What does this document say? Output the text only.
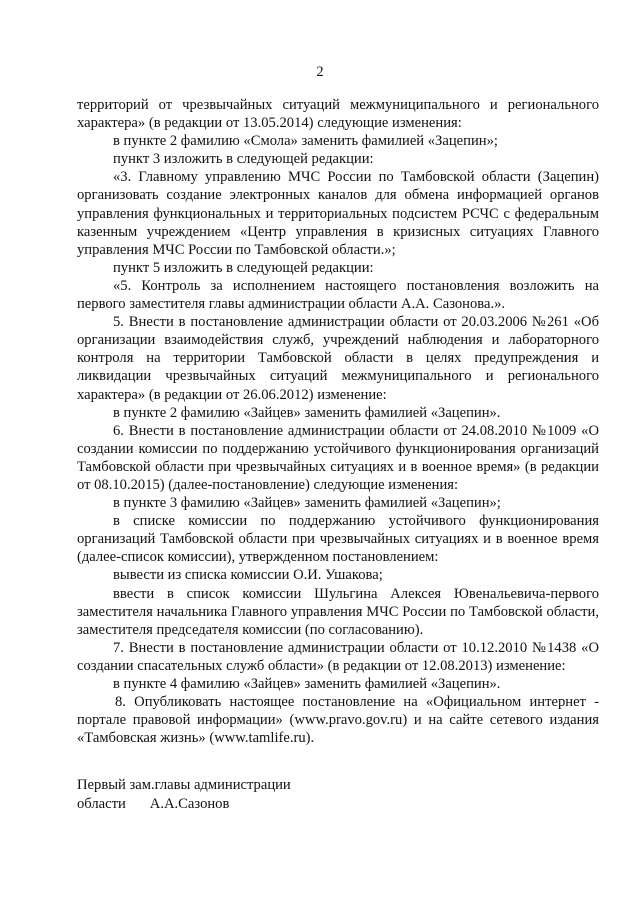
2

территорий от чрезвычайных ситуаций межмуниципального и регионального характера» (в редакции от 13.05.2014) следующие изменения:

в пункте 2 фамилию «Смола» заменить фамилией «Зацепин»;

пункт 3 изложить в следующей редакции:

«3. Главному управлению МЧС России по Тамбовской области (Зацепин) организовать создание электронных каналов для обмена информацией органов управления функциональных и территориальных подсистем РСЧС с федеральным казенным учреждением «Центр управления в кризисных ситуациях Главного управления МЧС России по Тамбовской области.»;

пункт 5 изложить в следующей редакции:

«5. Контроль за исполнением настоящего постановления возложить на первого заместителя главы администрации области А.А. Сазонова.».

5. Внести в постановление администрации области от 20.03.2006 №261 «Об организации взаимодействия служб, учреждений наблюдения и лабораторного контроля на территории Тамбовской области в целях предупреждения и ликвидации чрезвычайных ситуаций межмуниципального и регионального характера» (в редакции от 26.06.2012) изменение:

в пункте 2 фамилию «Зайцев» заменить фамилией «Зацепин».

6. Внести в постановление администрации области от 24.08.2010 №1009 «О создании комиссии по поддержанию устойчивого функционирования организаций Тамбовской области при чрезвычайных ситуациях и в военное время» (в редакции от 08.10.2015) (далее-постановление) следующие изменения:

в пункте 3 фамилию «Зайцев» заменить фамилией «Зацепин»;

в списке комиссии по поддержанию устойчивого функционирования организаций Тамбовской области при чрезвычайных ситуациях и в военное время (далее-список комиссии), утвержденном постановлением:

вывести из списка комиссии О.И. Ушакова;

ввести в список комиссии Шульгина Алексея Ювенальевича-первого заместителя начальника Главного управления МЧС России по Тамбовской области, заместителя председателя комиссии (по согласованию).

7. Внести в постановление администрации области от 10.12.2010 №1438 «О создании спасательных служб области» (в редакции от 12.08.2013) изменение:

в пункте 4 фамилию «Зайцев» заменить фамилией «Зацепин».

8. Опубликовать настоящее постановление на «Официальном интернет - портале правовой информации» (www.pravo.gov.ru) и на сайте сетевого издания «Тамбовская жизнь» (www.tamlife.ru).

Первый зам.главы администрации
области А.А.Сазонов
